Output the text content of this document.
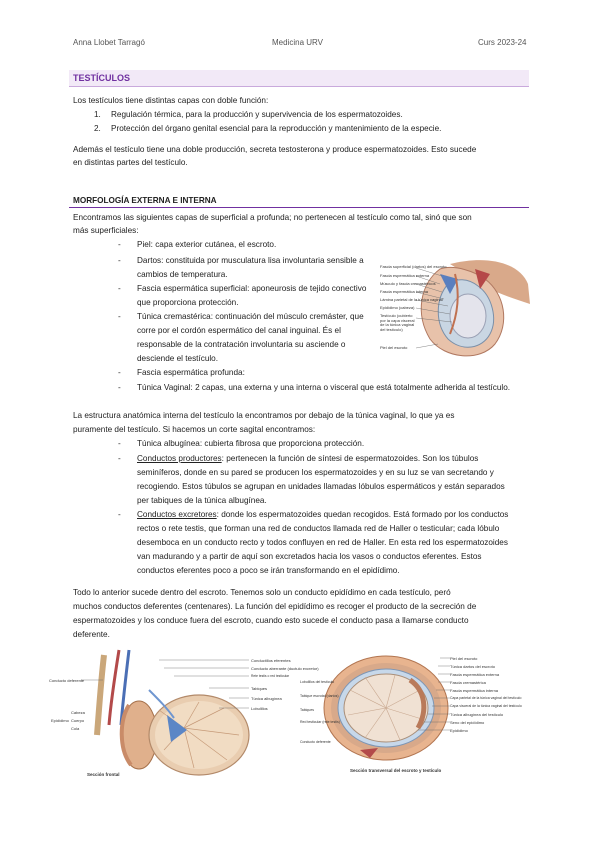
Anna Llobet Tarragó	Medicina URV	Curs 2023-24
TESTÍCULOS
Los testículos tiene distintas capas con doble función:
1. Regulación térmica, para la producción y supervivencia de los espermatozoides.
2. Protección del órgano genital esencial para la reproducción y mantenimiento de la especie.
Además el testículo tiene una doble producción, secreta testosterona y produce espermatozoides. Esto sucede
en distintas partes del testículo.
MORFOLOGÍA EXTERNA E INTERNA
Encontramos las siguientes capas de superficial a profunda; no pertenecen al testículo como tal, sinó que son
más superficiales:
- Piel: capa exterior cutánea, el escroto.
- Dartos: constituida por musculatura lisa involuntaria sensible a
cambios de temperatura.
- Fascia espermática superficial: aponeurosis de tejido conectivo
que proporciona protección.
- Túnica cremastérica: continuación del músculo cremáster, que
corre por el cordón espermático del canal inguinal. És el
responsable de la contratación involuntaria su asciende o
desciende el testículo.
- Fascia espermática profunda:
- Túnica Vaginal: 2 capas, una externa y una interna o visceral que está totalmente adherida al testículo.
Fascia superficial (dartos) del escroto
Fascia espermática externa
Músculo y fascia cremastéricos
Fascia espermática interna
Lámina parietal de la túnica vaginal
Epidídimo (cabeza)
Testículo (cubierto por la capa visceral de la túnica vaginal del testículo)
Piel del escroto
La estructura anatómica interna del testículo la encontramos por debajo de la túnica vaginal, lo que ya es
puramente del testículo. Si hacemos un corte sagital encontramos:
- Túnica albugínea: cubierta fibrosa que proporciona protección.
- Conductos productores: pertenecen la función de síntesi de espermatozoides. Son los túbulos
seminíferos, donde en su pared se producen los espermatozoides y en su luz se van secretando y
recogiendo. Estos túbulos se agrupan en unidades llamadas lóbulos espermáticos y están separados
per tabiques de la túnica albugínea.
- Conductos excretores: donde los espermatozoides quedan recogidos. Está formado por los conductos
rectos o rete testis, que forman una red de conductos llamada red de Haller o testicular; cada lóbulo
desemboca en un conducto recto y todos confluyen en red de Haller. En esta red los espermatozoides
van madurando y a partir de aquí son excretados hacia los vasos o conductos eferentes. Estos
conductos eferentes poco a poco se irán transformando en el epidídimo.
Todo lo anterior sucede dentro del escroto. Tenemos solo un conducto epidídimo en cada testículo, peró
muchos conductos deferentes (centenares). La función del epidídimo es recoger el producto de la secreción de
espermatozoides y los conduce fuera del escroto, cuando esto sucede el conducto pasa a llamarse conducto
deferente.
Conducto deferente
Conductillos eferentes
Conducto aberrante (ductulo excretor)
Rete testis o red testicular
Tabiques
Túnica albugínea
Lobulillos
Cabeza
Cuerpo
Cola
Epidídimo
Sección frontal
Piel del escroto
Túnica dartos del escroto
Fascia espermática externa
Fascia cremastérica
Fascia espermática interna
Capa parietal de la túnica vaginal del testículo
Capa visceral de la túnica vaginal del testículo
Túnica albugínea del testículo
Seno del epidídimo
Epidídimo
Lobulillos del testículo
Tabique escrotal (dartos)
Tabiques
Red testicular (rete testis)
Conducto deferente
Sección transversal del escroto y testículo
